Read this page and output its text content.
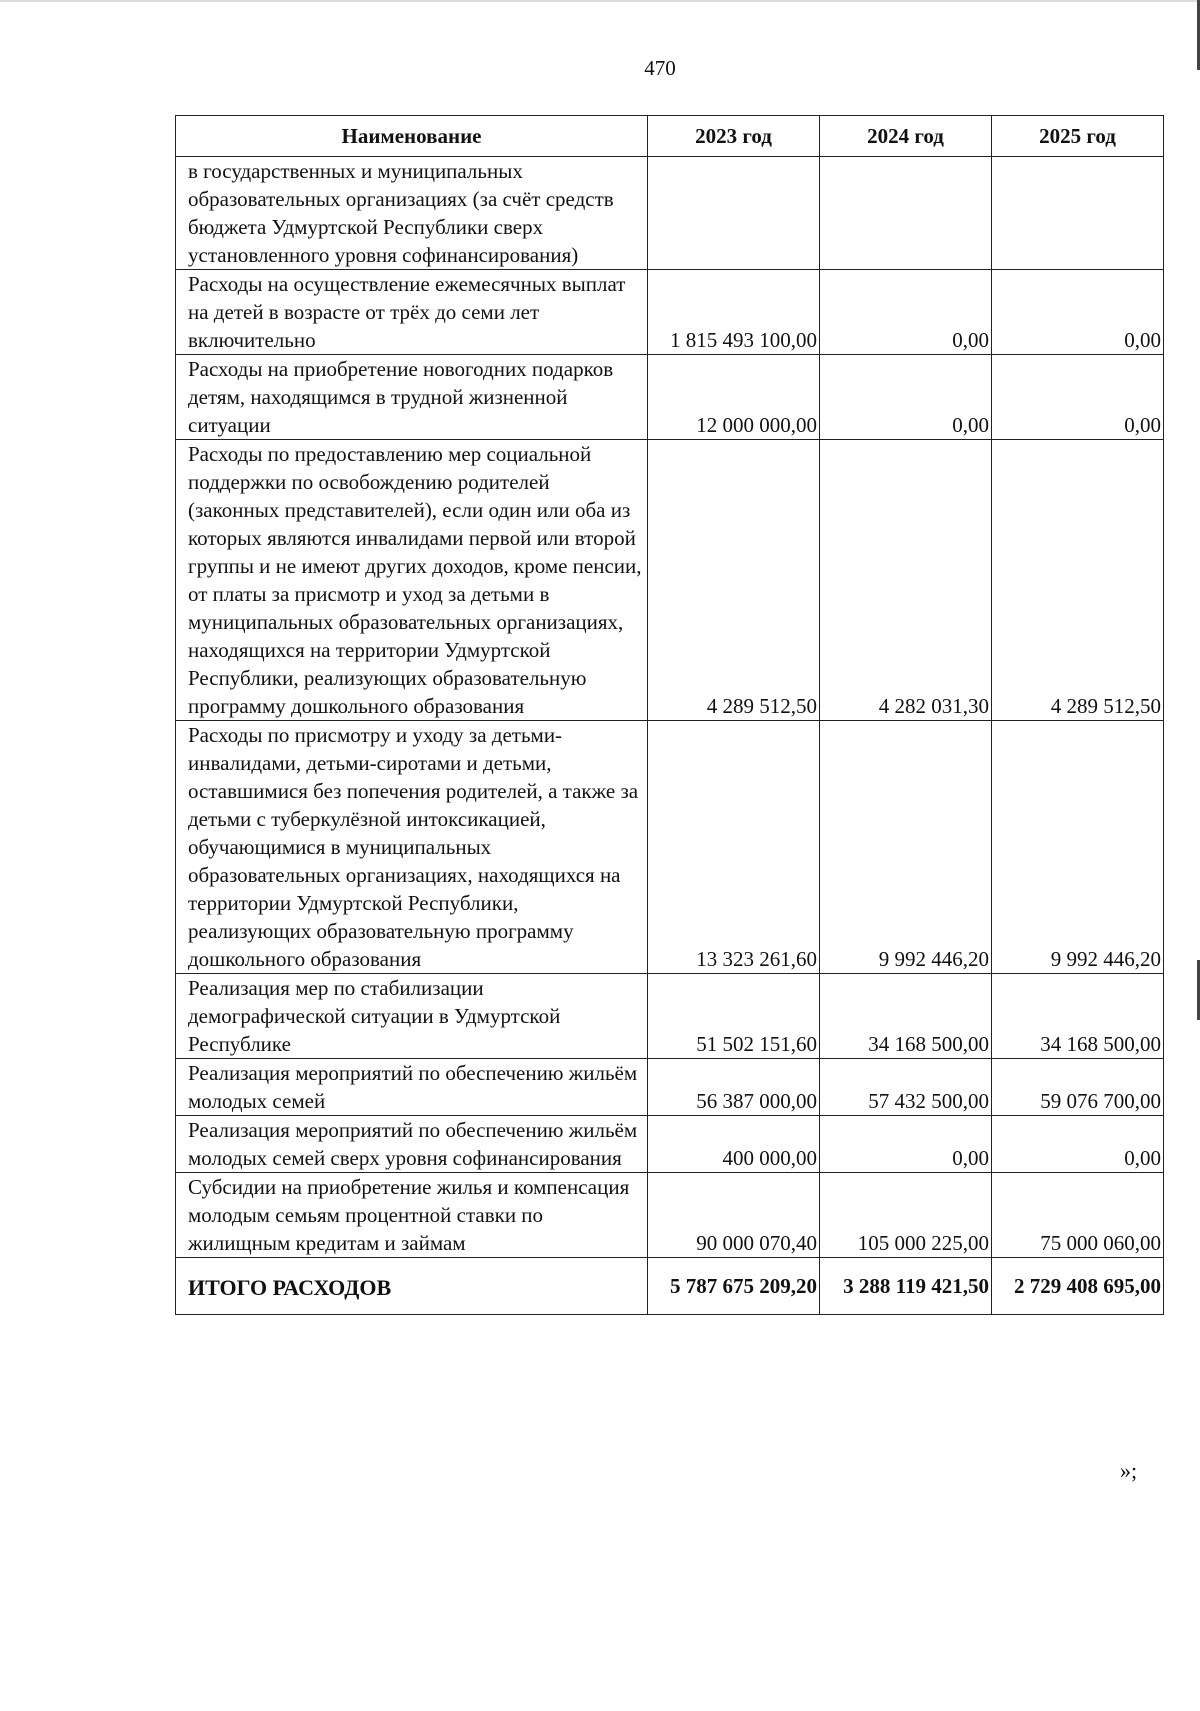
470
Наименование	2023 год	2024 год	2025 год
в государственных и муниципальных образовательных организациях (за счёт средств бюджета Удмуртской Республики сверх установленного уровня софинансирования)			
Расходы на осуществление ежемесячных выплат на детей в возрасте от трёх до семи лет включительно	1 815 493 100,00	0,00	0,00
Расходы на приобретение новогодних подарков детям, находящимся в трудной жизненной ситуации	12 000 000,00	0,00	0,00
Расходы по предоставлению мер социальной поддержки по освобождению родителей (законных представителей), если один или оба из которых являются инвалидами первой или второй группы и не имеют других доходов, кроме пенсии, от платы за присмотр и уход за детьми в муниципальных образовательных организациях, находящихся на территории Удмуртской Республики, реализующих образовательную программу дошкольного образования	4 289 512,50	4 282 031,30	4 289 512,50
Расходы по присмотру и уходу за детьми-инвалидами, детьми-сиротами и детьми, оставшимися без попечения родителей, а также за детьми с туберкулёзной интоксикацией, обучающимися в муниципальных образовательных организациях, находящихся на территории Удмуртской Республики, реализующих образовательную программу дошкольного образования	13 323 261,60	9 992 446,20	9 992 446,20
Реализация мер по стабилизации демографической ситуации в Удмуртской Республике	51 502 151,60	34 168 500,00	34 168 500,00
Реализация мероприятий по обеспечению жильём молодых семей	56 387 000,00	57 432 500,00	59 076 700,00
Реализация мероприятий по обеспечению жильём молодых семей сверх уровня софинансирования	400 000,00	0,00	0,00
Субсидии на приобретение жилья и компенсация молодым семьям процентной ставки по жилищным кредитам и займам	90 000 070,40	105 000 225,00	75 000 060,00
ИТОГО РАСХОДОВ	5 787 675 209,20	3 288 119 421,50	2 729 408 695,00
»;
